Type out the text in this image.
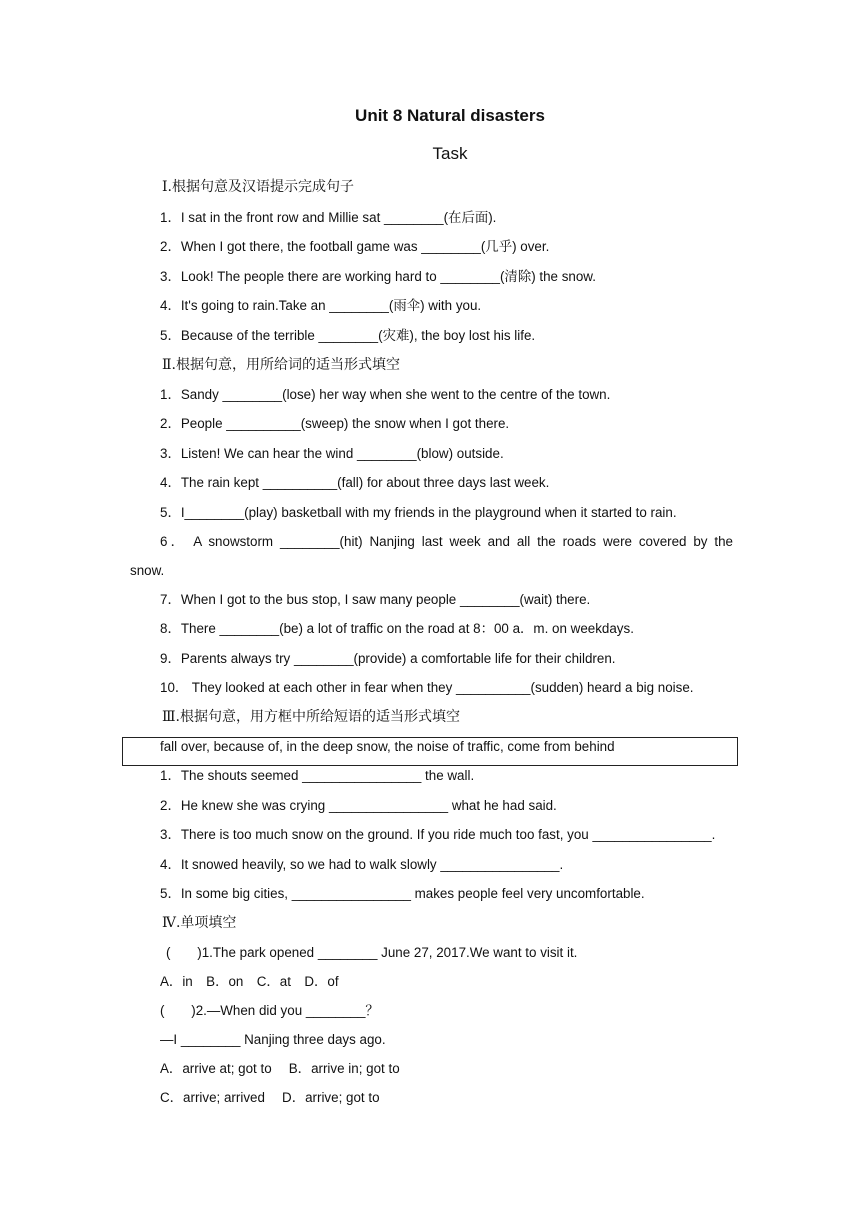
Unit 8 Natural disasters
Task
Ⅰ.根据句意及汉语提示完成句子
1．I sat in the front row and Millie sat ________(在后面).
2．When I got there, the football game was ________(几乎) over.
3．Look! The people there are working hard to ________(清除) the snow.
4．It's going to rain.Take an ________(雨伞) with you.
5．Because of the terrible ________(灾难), the boy lost his life.
Ⅱ.根据句意，用所给词的适当形式填空
1．Sandy ________(lose) her way when she went to the centre of the town.
2．People __________(sweep) the snow when I got there.
3．Listen! We can hear the wind ________(blow) outside.
4．The rain kept __________(fall) for about three days last week.
5．I________(play) basketball with my friends in the playground when it started to rain.
6． A snowstorm ________(hit) Nanjing last week and all the roads were covered by the
snow.
7．When I got to the bus stop, I saw many people ________(wait) there.
8．There ________(be) a lot of traffic on the road at 8：00 a．m. on weekdays.
9．Parents always try ________(provide) a comfortable life for their children.
10． They looked at each other in fear when they __________(sudden) heard a big noise.
Ⅲ.根据句意，用方框中所给短语的适当形式填空
fall over, because of, in the deep snow, the noise of traffic, come from behind
1．The shouts seemed ________________ the wall.
2．He knew she was crying ________________ what he had said.
3．There is too much snow on the ground. If you ride much too fast, you ________________.
4．It snowed heavily, so we had to walk slowly ________________.
5．In some big cities, ________________ makes people feel very uncomfortable.
Ⅳ.单项填空
(　　)1.The park opened ________ June 27, 2017.We want to visit it.
A．in　B．on　C．at　D．of
(　　)2.—When did you ________？
—I ________ Nanjing three days ago.
A．arrive at; got to　 B．arrive in; got to
C．arrive; arrived　 D．arrive; got to
